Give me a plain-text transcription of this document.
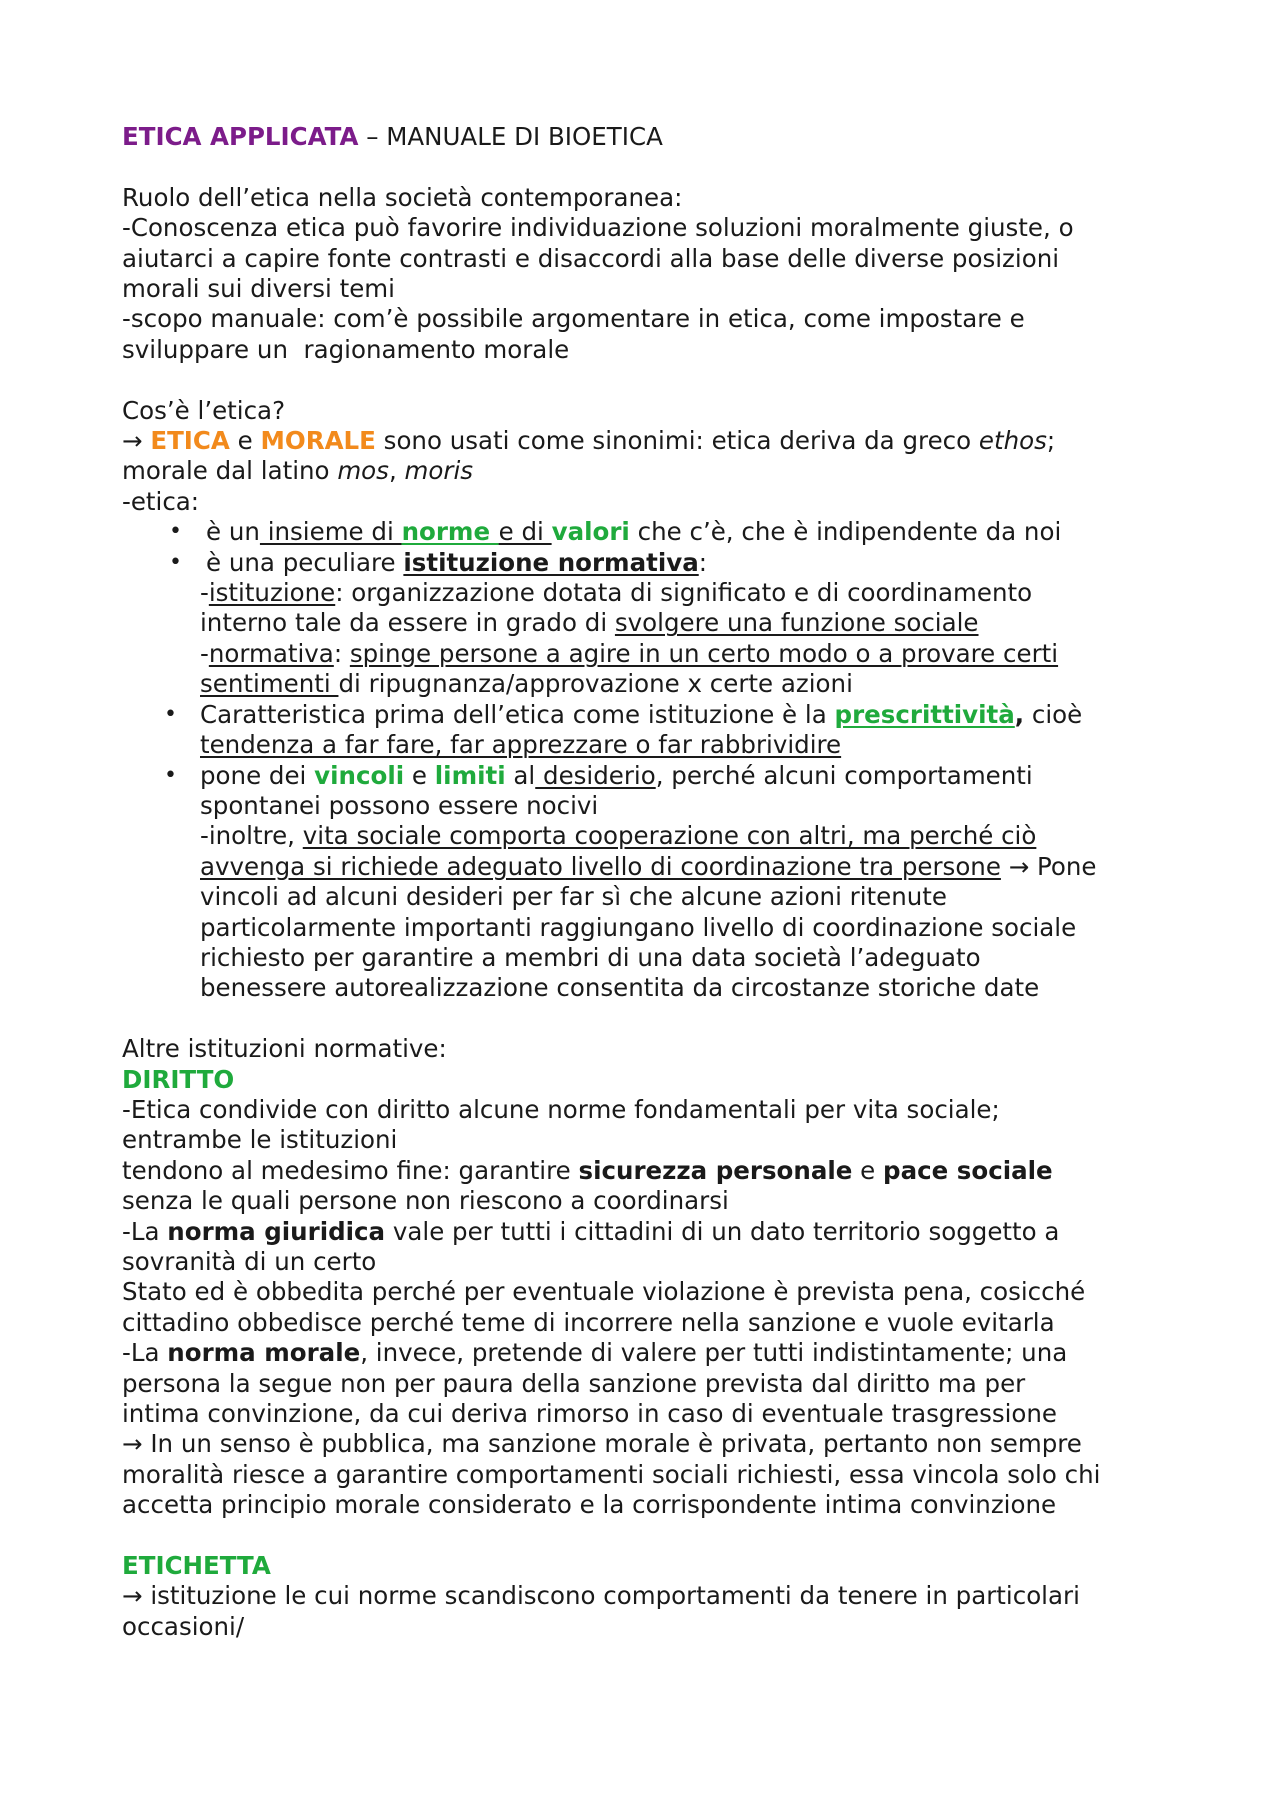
ETICA APPLICATA – MANUALE DI BIOETICA
Ruolo dell’etica nella società contemporanea:
-Conoscenza etica può favorire individuazione soluzioni moralmente giuste, o
aiutarci a capire fonte contrasti e disaccordi alla base delle diverse posizioni
morali sui diversi temi
-scopo manuale: com’è possibile argomentare in etica, come impostare e
sviluppare un  ragionamento morale
Cos’è l’etica?
→ ETICA e MORALE sono usati come sinonimi: etica deriva da greco ethos;
morale dal latino mos, moris
-etica:
• è un insieme di norme e di valori che c’è, che è indipendente da noi
• è una peculiare istituzione normativa:
-istituzione: organizzazione dotata di significato e di coordinamento
interno tale da essere in grado di svolgere una funzione sociale
-normativa: spinge persone a agire in un certo modo o a provare certi
sentimenti di ripugnanza/approvazione x certe azioni
• Caratteristica prima dell’etica come istituzione è la prescrittività, cioè
tendenza a far fare, far apprezzare o far rabbrividire
• pone dei vincoli e limiti al desiderio, perché alcuni comportamenti
spontanei possono essere nocivi
-inoltre, vita sociale comporta cooperazione con altri, ma perché ciò
avvenga si richiede adeguato livello di coordinazione tra persone → Pone
vincoli ad alcuni desideri per far sì che alcune azioni ritenute
particolarmente importanti raggiungano livello di coordinazione sociale
richiesto per garantire a membri di una data società l’adeguato
benessere autorealizzazione consentita da circostanze storiche date
Altre istituzioni normative:
DIRITTO
-Etica condivide con diritto alcune norme fondamentali per vita sociale;
entrambe le istituzioni
tendono al medesimo fine: garantire sicurezza personale e pace sociale
senza le quali persone non riescono a coordinarsi
-La norma giuridica vale per tutti i cittadini di un dato territorio soggetto a
sovranità di un certo
Stato ed è obbedita perché per eventuale violazione è prevista pena, cosicché
cittadino obbedisce perché teme di incorrere nella sanzione e vuole evitarla
-La norma morale, invece, pretende di valere per tutti indistintamente; una
persona la segue non per paura della sanzione prevista dal diritto ma per
intima convinzione, da cui deriva rimorso in caso di eventuale trasgressione
→ In un senso è pubblica, ma sanzione morale è privata, pertanto non sempre
moralità riesce a garantire comportamenti sociali richiesti, essa vincola solo chi
accetta principio morale considerato e la corrispondente intima convinzione
ETICHETTA
→ istituzione le cui norme scandiscono comportamenti da tenere in particolari
occasioni/
